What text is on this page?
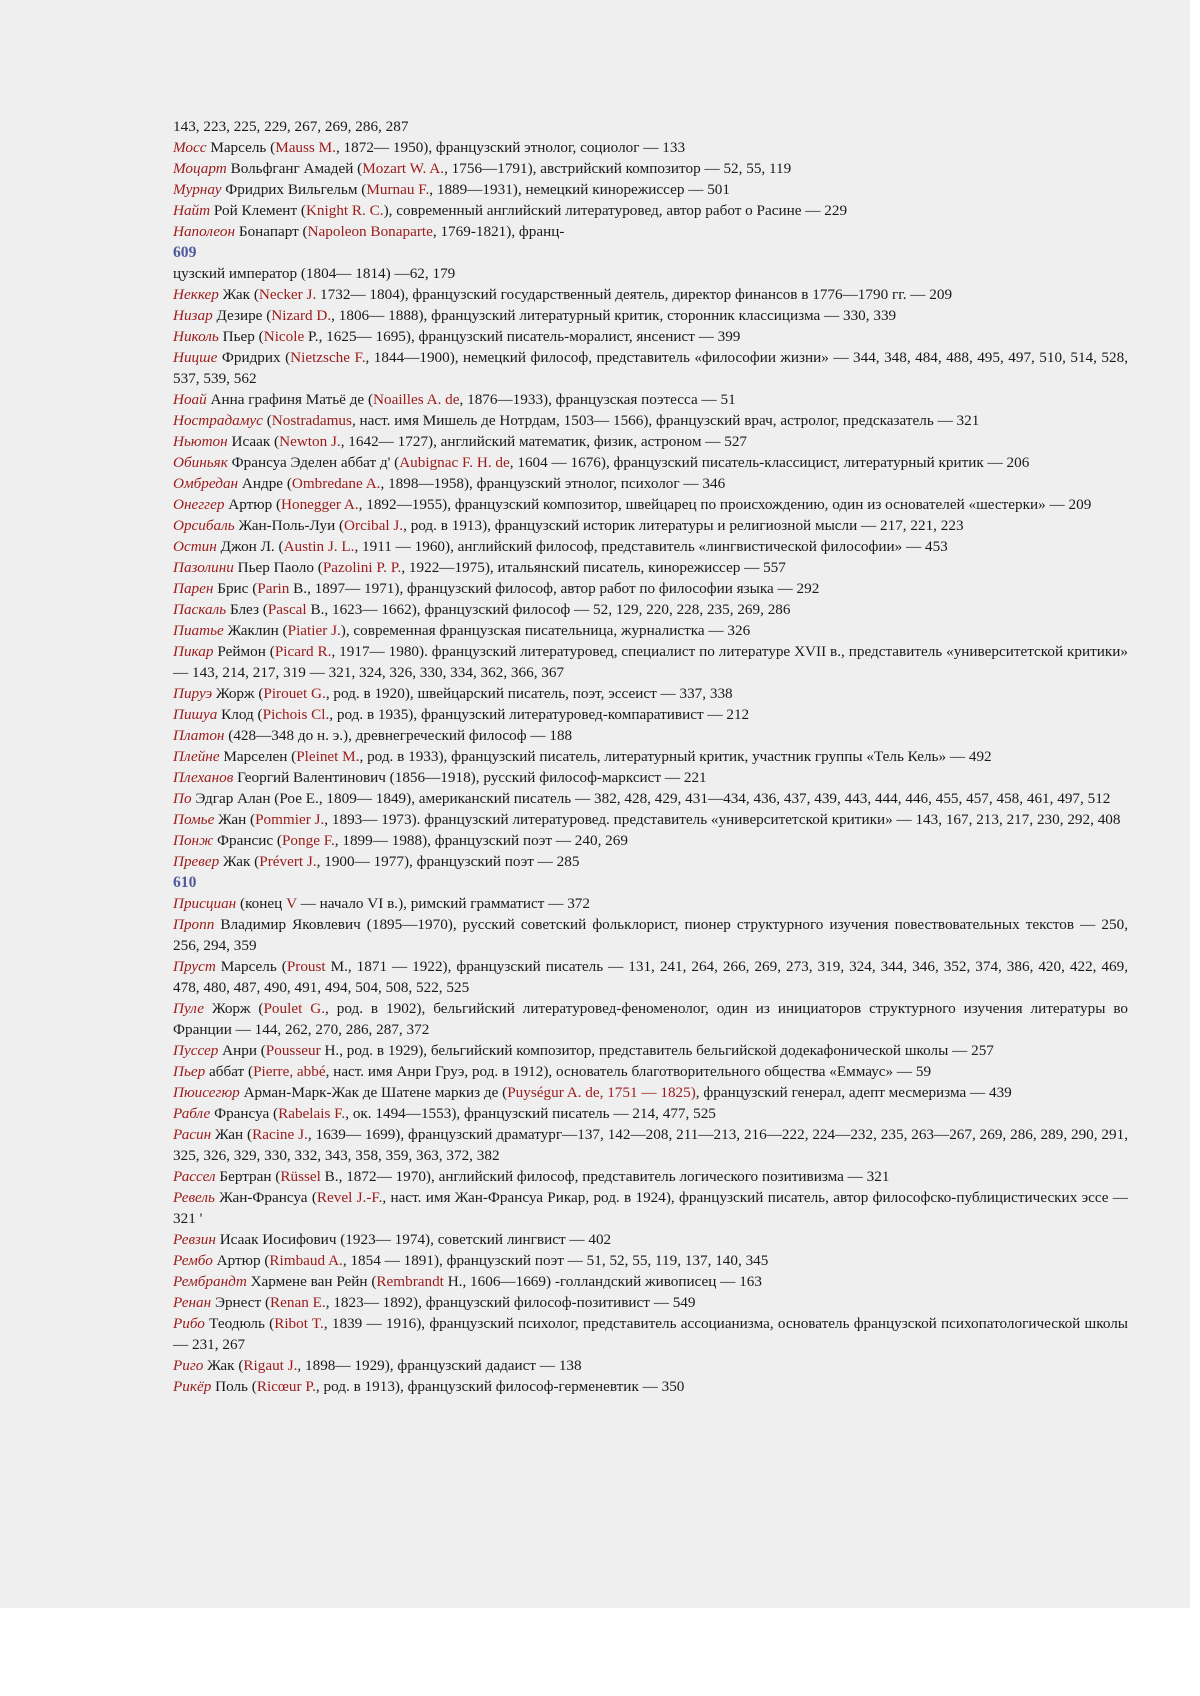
143, 223, 225, 229, 267, 269, 286, 287

Мосс Марсель (Mauss M., 1872— 1950), французский этнолог, социолог — 133

Моцарт Вольфганг Амадей (Mozart W. A., 1756—1791), австрийский композитор — 52, 55, 119

Мурнау Фридрих Вильгельм (Murnau F., 1889—1931), немецкий кинорежиссер — 501

Найт Рой Клемент (Knight R. C.), современный английский литературовед, автор работ о Расине — 229

Наполеон Бонапарт (Napoleon Bonaparte, 1769-1821), франц-

609

цузский император (1804— 1814) —62, 179

Неккер Жак (Necker J. 1732— 1804), французский государственный деятель, директор финансов в 1776—1790 гг. — 209

Низар Дезире (Nizard D., 1806— 1888), французский литературный критик, сторонник классицизма — 330, 339

Николь Пьер (Nicole P., 1625— 1695), французский писатель-моралист, янсенист — 399

Ницше Фридрих (Nietzsche F., 1844—1900), немецкий философ, представитель «философии жизни» — 344, 348, 484, 488, 495, 497, 510, 514, 528, 537, 539, 562

Ноай Анна графиня Матьё де (Noailles A. de, 1876—1933), французская поэтесса — 51

Нострадамус (Nostradamus, наст. имя Мишель де Нотрдам, 1503— 1566), французский врач, астролог, предсказатель — 321

Ньютон Исаак (Newton J., 1642— 1727), английский математик, физик, астроном — 527

Обиньяк Франсуа Эделен аббат д' (Aubignac F. H. de, 1604 — 1676), французский писатель-классицист, литературный критик — 206

Омбредан Андре (Ombredane A., 1898—1958), французский этнолог, психолог — 346

Онеггер Артюр (Honegger A., 1892—1955), французский композитор, швейцарец по происхождению, один из основателей «шестерки» — 209

Орсибаль Жан-Поль-Луи (Orcibal J., род. в 1913), французский историк литературы и религиозной мысли — 217, 221, 223

Остин Джон Л. (Austin J. L., 1911 — 1960), английский философ, представитель «лингвистической философии» — 453

Пазолини Пьер Паоло (Pazolini P. P., 1922—1975), итальянский писатель, кинорежиссер — 557

Парен Брис (Parin B., 1897— 1971), французский философ, автор работ по философии языка — 292

Паскаль Блез (Pascal B., 1623— 1662), французский философ — 52, 129, 220, 228, 235, 269, 286

Пиатье Жаклин (Piatier J.), современная французская писательница, журналистка — 326

Пикар Реймон (Picard R., 1917— 1980). французский литературовед, специалист по литературе XVII в., представитель «университетской критики» — 143, 214, 217, 319 — 321, 324, 326, 330, 334, 362, 366, 367

Пируэ Жорж (Pirouet G., род. в 1920), швейцарский писатель, поэт, эссеист — 337, 338

Пишуа Клод (Pichois Cl., род. в 1935), французский литературовед-компаративист — 212

Платон (428—348 до н. э.), древнегреческий философ — 188

Плейне Марселен (Pleinet M., род. в 1933), французский писатель, литературный критик, участник группы «Тель Кель» — 492

Плеханов Георгий Валентинович (1856—1918), русский философ-марксист — 221

По Эдгар Алан (Рое Е., 1809— 1849), американский писатель — 382, 428, 429, 431—434, 436, 437, 439, 443, 444, 446, 455, 457, 458, 461, 497, 512

Помье Жан (Pommier J., 1893— 1973). французский литературовед. представитель «университетской критики» — 143, 167, 213, 217, 230, 292, 408

Понж Франсис (Ponge F., 1899— 1988), французский поэт — 240, 269

Превер Жак (Prévert J., 1900— 1977), французский поэт — 285

610

Присциан (конец V — начало VI в.), римский грамматист — 372

Пропп Владимир Яковлевич (1895—1970), русский советский фольклорист, пионер структурного изучения повествовательных текстов — 250, 256, 294, 359

Пруст Марсель (Proust M., 1871 — 1922), французский писатель — 131, 241, 264, 266, 269, 273, 319, 324, 344, 346, 352, 374, 386, 420, 422, 469, 478, 480, 487, 490, 491, 494, 504, 508, 522, 525

Пуле Жорж (Poulet G., род. в 1902), бельгийский литературовед-феноменолог, один из инициаторов структурного изучения литературы во Франции — 144, 262, 270, 286, 287, 372

Пуссер Анри (Pousseur H., род. в 1929), бельгийский композитор, представитель бельгийской додекафонической школы — 257

Пьер аббат (Pierre, abbé, наст. имя Анри Груэ, род. в 1912), основатель благотворительного общества «Еммаус» — 59

Пюисегюр Арман-Марк-Жак де Шатене маркиз де (Puységur A. de, 1751 — 1825), французский генерал, адепт месмеризма — 439

Рабле Франсуа (Rabelais F., ок. 1494—1553), французский писатель — 214, 477, 525

Расин Жан (Racine J., 1639— 1699), французский драматург—137, 142—208, 211—213, 216—222, 224—232, 235, 263—267, 269, 286, 289, 290, 291, 325, 326, 329, 330, 332, 343, 358, 359, 363, 372, 382

Рассел Бертран (Rüssel B., 1872— 1970), английский философ, представитель логического позитивизма — 321

Ревель Жан-Франсуа (Revel J.-F., наст. имя Жан-Франсуа Рикар, род. в 1924), французский писатель, автор философско-публицистических эссе — 321 '

Ревзин Исаак Иосифович (1923— 1974), советский лингвист — 402

Рембо Артюр (Rimbaud A., 1854 — 1891), французский поэт — 51, 52, 55, 119, 137, 140, 345

Рембрандт Хармене ван Рейн (Rembrandt H., 1606—1669) -голландский живописец — 163

Ренан Эрнест (Renan E., 1823— 1892), французский философ-позитивист — 549

Рибо Теодюль (Ribot T., 1839 — 1916), французский психолог, представитель ассоцианизма, основатель французской психопатологической школы — 231, 267

Риго Жак (Rigaut J., 1898— 1929), французский дадаист — 138

Рикёр Поль (Ricœur P., род. в 1913), французский философ-герменевтик — 350
